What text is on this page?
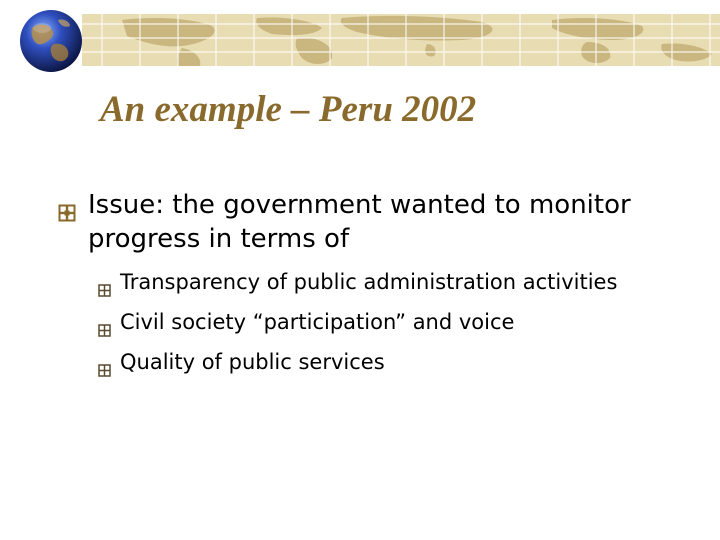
An example – Peru 2002
Issue: the government wanted to monitor progress in terms of
Transparency of public administration activities
Civil society “participation” and voice
Quality of public services
